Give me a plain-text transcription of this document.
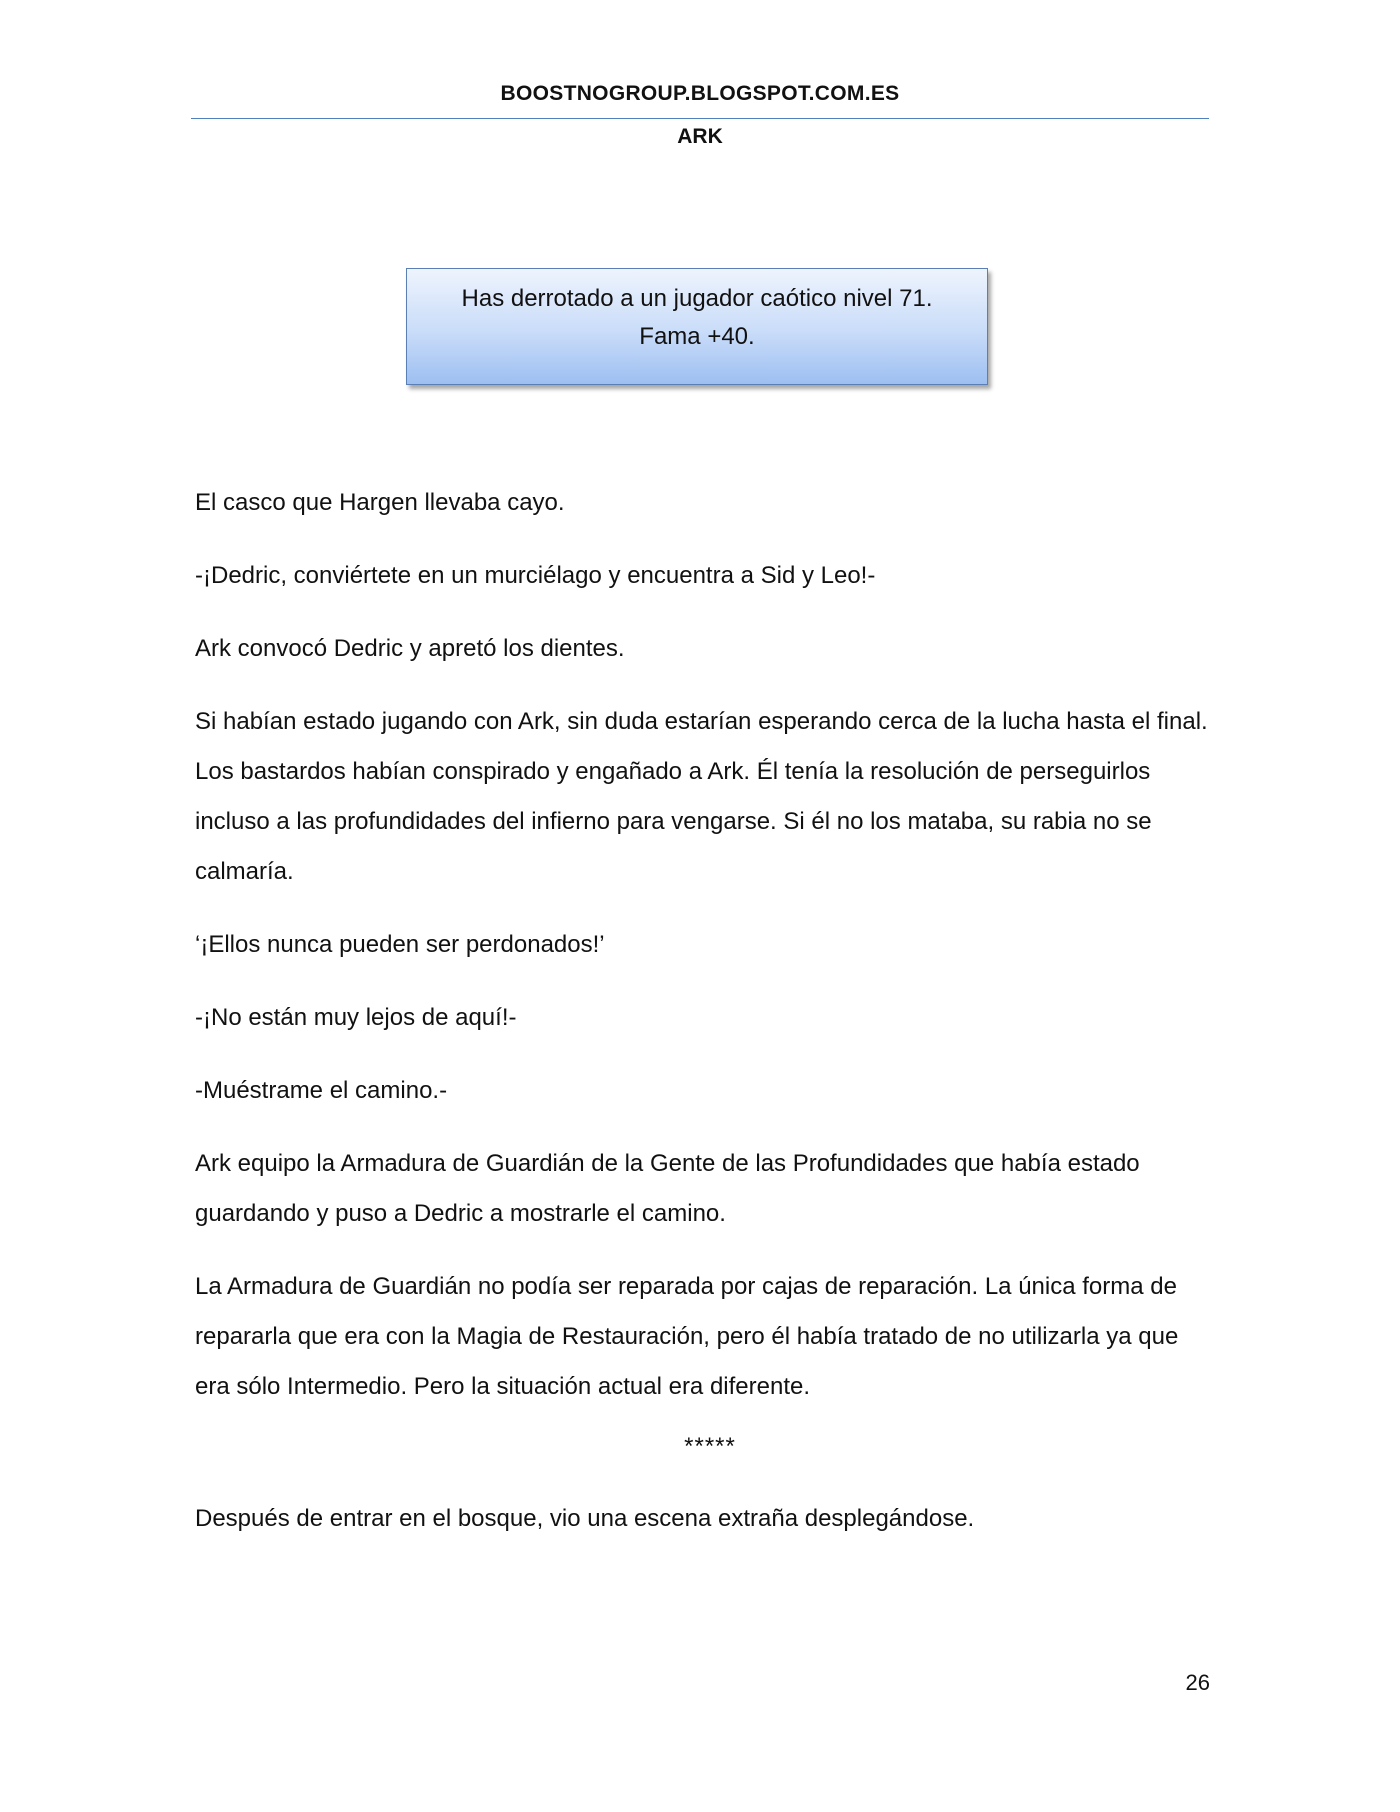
BOOSTNOGROUP.BLOGSPOT.COM.ES
ARK
Has derrotado a un jugador caótico nivel 71.
Fama +40.

El casco que Hargen llevaba cayo.

-¡Dedric, conviértete en un murciélago y encuentra a Sid y Leo!-

Ark convocó Dedric y apretó los dientes.

Si habían estado jugando con Ark, sin duda estarían esperando cerca de la lucha hasta el final. Los bastardos habían conspirado y engañado a Ark. Él tenía la resolución de perseguirlos incluso a las profundidades del infierno para vengarse. Si él no los mataba, su rabia no se calmaría.

‘¡Ellos nunca pueden ser perdonados!’

-¡No están muy lejos de aquí!-

-Muéstrame el camino.-

Ark equipo la Armadura de Guardián de la Gente de las Profundidades que había estado guardando y puso a Dedric a mostrarle el camino.

La Armadura de Guardián no podía ser reparada por cajas de reparación. La única forma de repararla que era con la Magia de Restauración, pero él había tratado de no utilizarla ya que era sólo Intermedio. Pero la situación actual era diferente.

*****

Después de entrar en el bosque, vio una escena extraña desplegándose.

26
